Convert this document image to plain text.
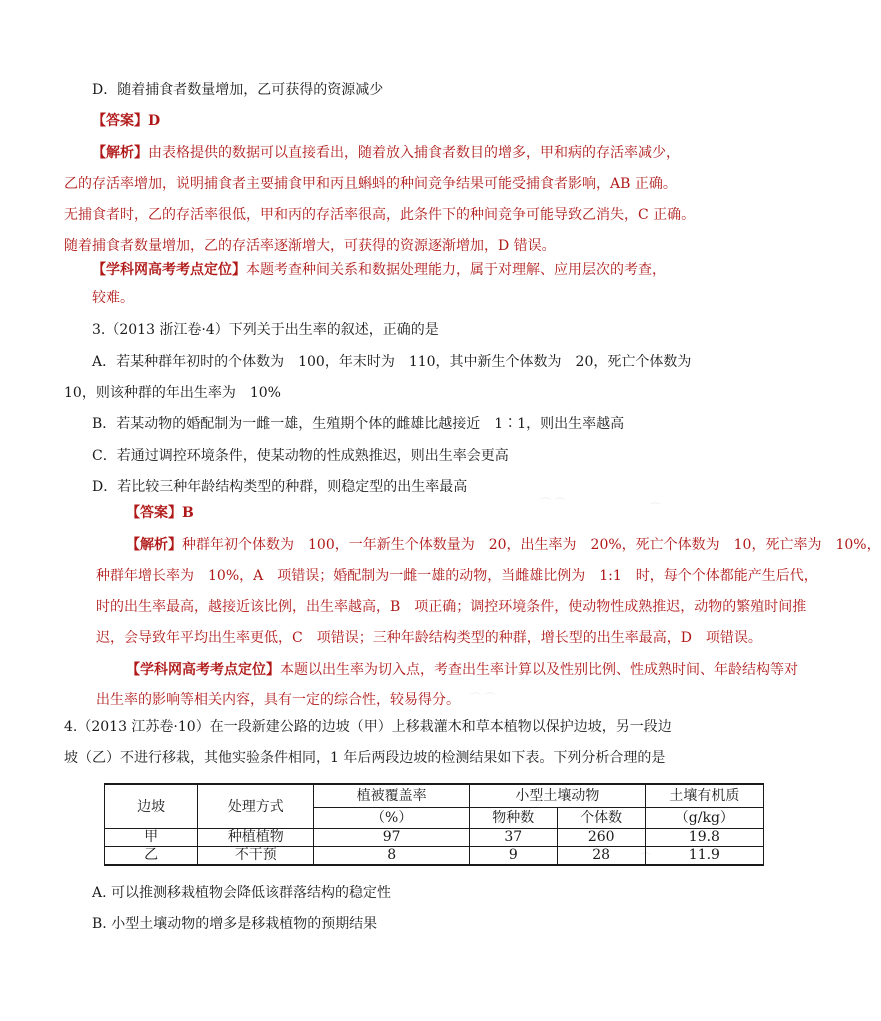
⌒ ⌒	⌒
⌒ ⌒
⌒
D．随着捕食者数量增加，乙可获得的资源减少
【答案】D
【解析】由表格提供的数据可以直接看出，随着放入捕食者数目的增多，甲和病的存活率减少，
乙的存活率增加，说明捕食者主要捕食甲和丙且蝌蚪的种间竞争结果可能受捕食者影响，AB 正确。
无捕食者时，乙的存活率很低，甲和丙的存活率很高，此条件下的种间竞争可能导致乙消失，C 正确。
随着捕食者数量增加，乙的存活率逐渐增大，可获得的资源逐渐增加，D 错误。
【学科网高考考点定位】本题考查种间关系和数据处理能力，属于对理解、应用层次的考查，
较难。
3.（2013 浙江卷·4）下列关于出生率的叙述，正确的是
A．若某种群年初时的个体数为　100，年末时为　110，其中新生个体数为　20，死亡个体数为
10，则该种群的年出生率为　10%
B．若某动物的婚配制为一雌一雄，生殖期个体的雌雄比越接近　1∶1，则出生率越高
C．若通过调控环境条件，使某动物的性成熟推迟，则出生率会更高
D．若比较三种年龄结构类型的种群，则稳定型的出生率最高
【答案】B
【解析】种群年初个体数为　100，一年新生个体数量为　20，出生率为　20%，死亡个体数为　10，死亡率为　10%，
种群年增长率为　10%，A　项错误；婚配制为一雌一雄的动物，当雌雄比例为　1:1　时，每个个体都能产生后代，
时的出生率最高，越接近该比例，出生率越高，B　项正确；调控环境条件，使动物性成熟推迟，动物的繁殖时间推
迟，会导致年平均出生率更低，C　项错误；三种年龄结构类型的种群，增长型的出生率最高，D　项错误。
【学科网高考考点定位】本题以出生率为切入点，考查出生率计算以及性别比例、性成熟时间、年龄结构等对
出生率的影响等相关内容，具有一定的综合性，较易得分。
4.（2013 江苏卷·10）在一段新建公路的边坡（甲）上移栽灌木和草本植物以保护边坡，另一段边
坡（乙）不进行移栽，其他实验条件相同，1 年后两段边坡的检测结果如下表。下列分析合理的是
边坡	处理方式	植被覆盖率	小型土壤动物		土壤有机质
		（%）	物种数	个体数	（g/kg）
甲	种植植物	97	37	260	19.8
乙	不干预	8	9	28	11.9
A. 可以推测移栽植物会降低该群落结构的稳定性
B. 小型土壤动物的增多是移栽植物的预期结果
